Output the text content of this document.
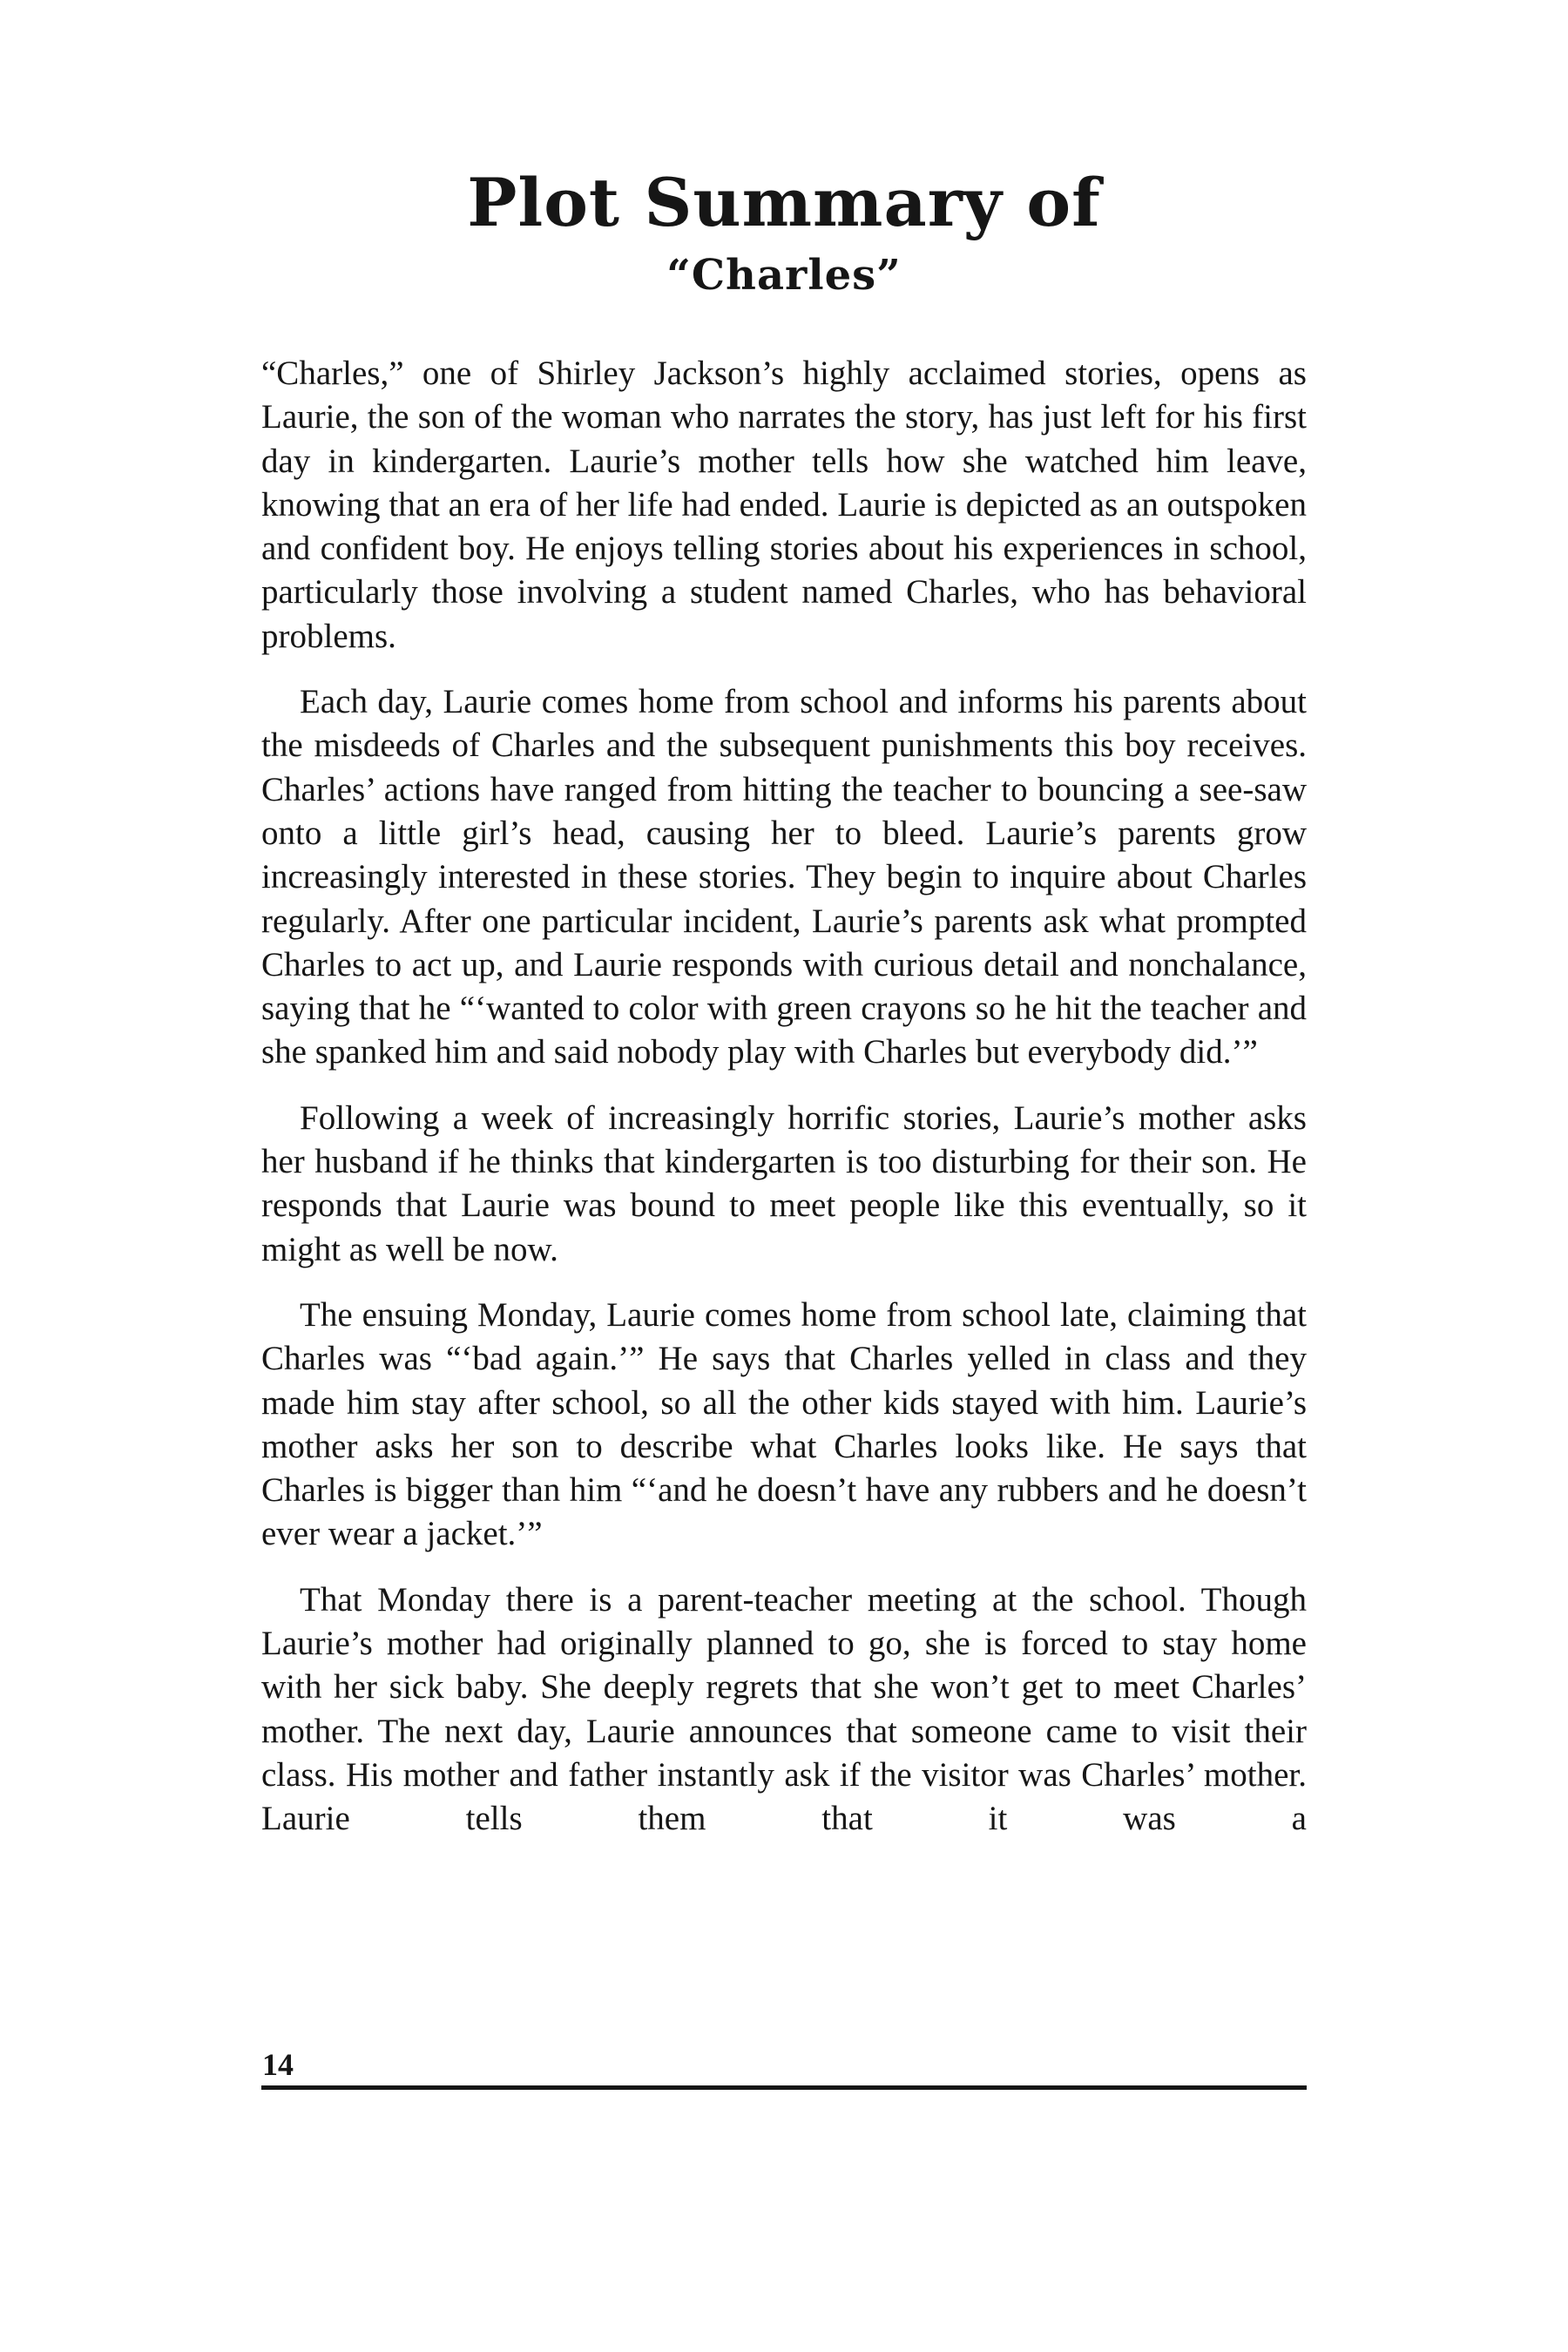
Plot Summary of
“Charles”

“Charles,” one of Shirley Jackson’s highly acclaimed stories, opens as Laurie, the son of the woman who narrates the story, has just left for his first day in kindergarten. Laurie’s mother tells how she watched him leave, knowing that an era of her life had ended. Laurie is depicted as an outspoken and confident boy. He enjoys telling stories about his experiences in school, particularly those involving a student named Charles, who has behavioral problems.

Each day, Laurie comes home from school and informs his parents about the misdeeds of Charles and the subsequent punishments this boy receives. Charles’ actions have ranged from hitting the teacher to bouncing a see-saw onto a little girl’s head, causing her to bleed. Laurie’s parents grow increasingly interested in these stories. They begin to inquire about Charles regularly. After one particular incident, Laurie’s parents ask what prompted Charles to act up, and Laurie responds with curious detail and nonchalance, saying that he “‘wanted to color with green crayons so he hit the teacher and she spanked him and said nobody play with Charles but everybody did.’”

Following a week of increasingly horrific stories, Laurie’s mother asks her husband if he thinks that kindergarten is too disturbing for their son. He responds that Laurie was bound to meet people like this eventually, so it might as well be now.

The ensuing Monday, Laurie comes home from school late, claiming that Charles was “‘bad again.’” He says that Charles yelled in class and they made him stay after school, so all the other kids stayed with him. Laurie’s mother asks her son to describe what Charles looks like. He says that Charles is bigger than him “‘and he doesn’t have any rubbers and he doesn’t ever wear a jacket.’”

That Monday there is a parent-teacher meeting at the school. Though Laurie’s mother had originally planned to go, she is forced to stay home with her sick baby. She deeply regrets that she won’t get to meet Charles’ mother. The next day, Laurie announces that someone came to visit their class. His mother and father instantly ask if the visitor was Charles’ mother. Laurie tells them that it was a

14
